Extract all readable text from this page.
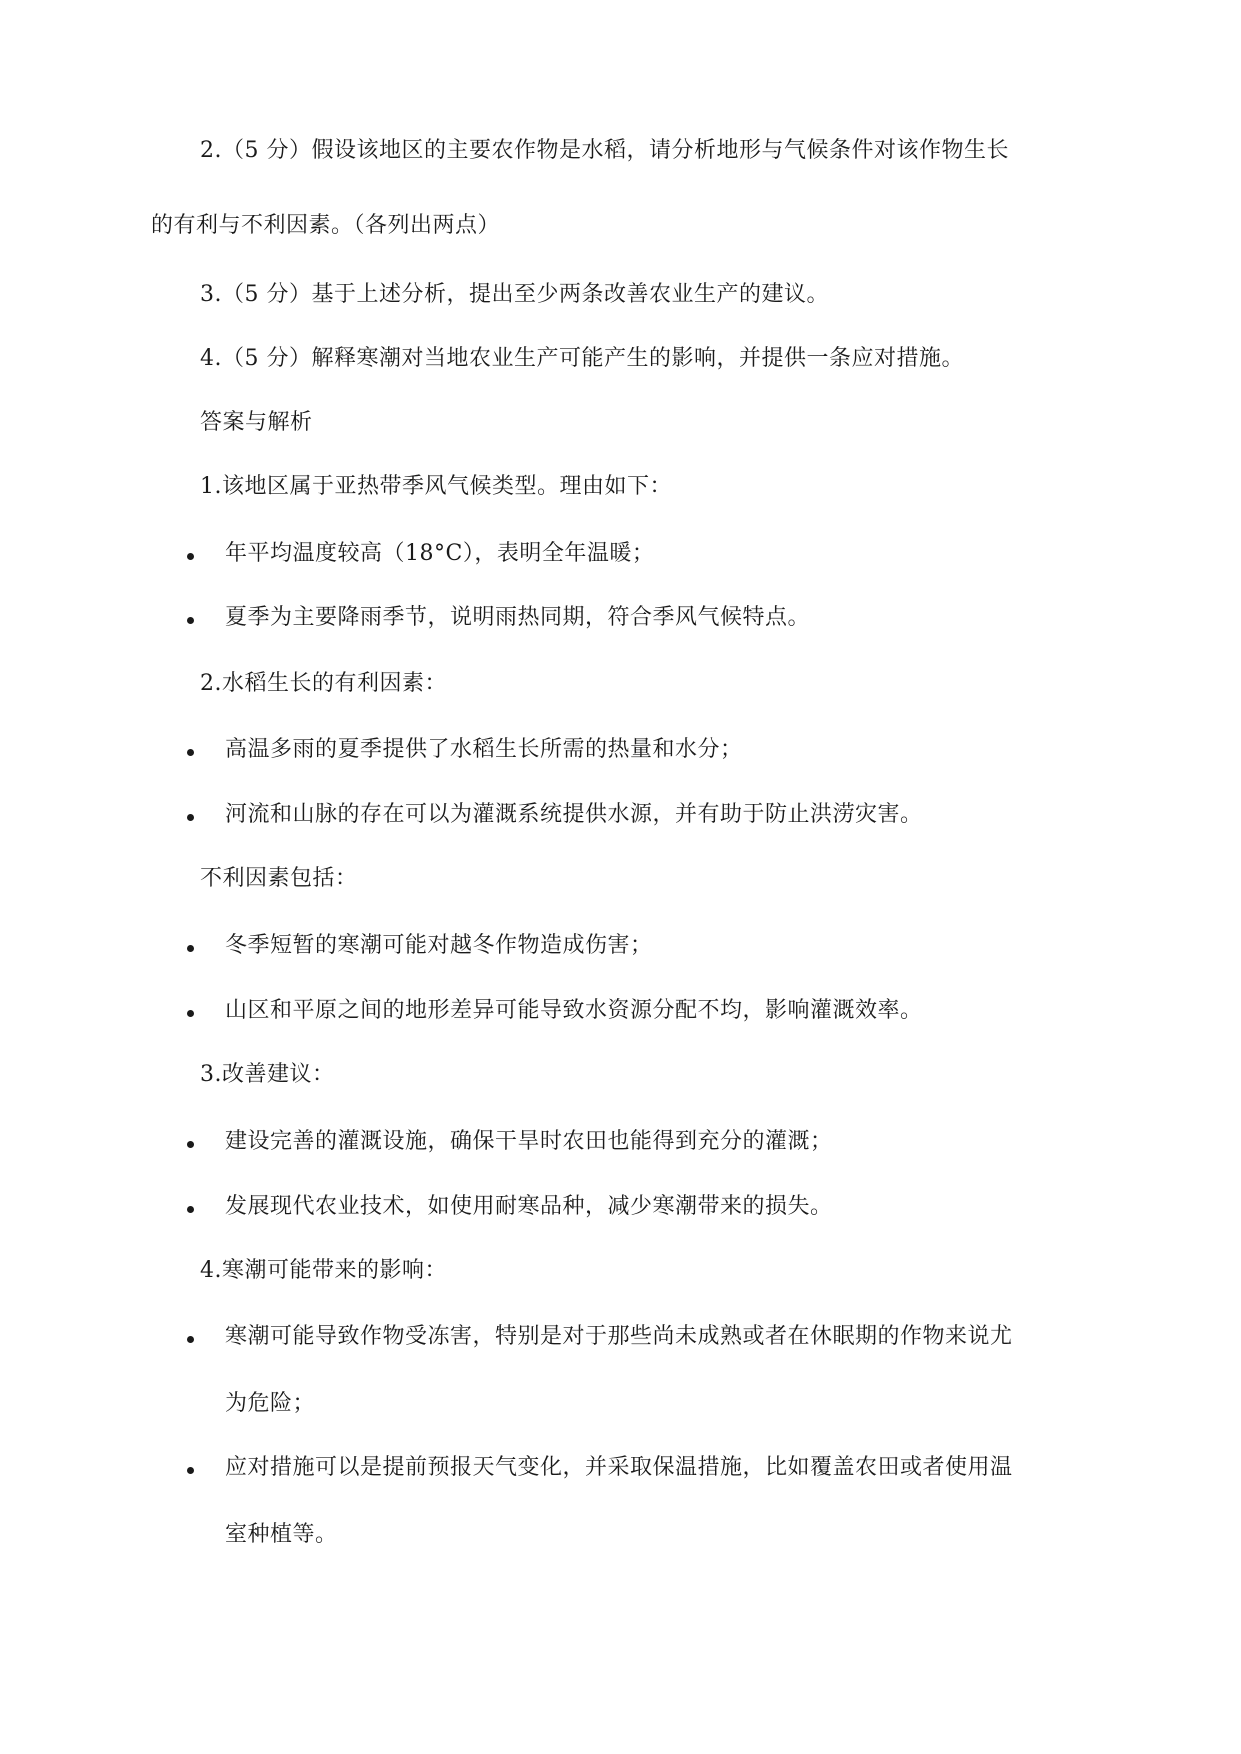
2.（5 分）假设该地区的主要农作物是水稻，请分析地形与气候条件对该作物生长
的有利与不利因素。（各列出两点）
3.（5 分）基于上述分析，提出至少两条改善农业生产的建议。
4.（5 分）解释寒潮对当地农业生产可能产生的影响，并提供一条应对措施。
答案与解析
1.该地区属于亚热带季风气候类型。理由如下：
年平均温度较高（18°C），表明全年温暖；
夏季为主要降雨季节，说明雨热同期，符合季风气候特点。
2.水稻生长的有利因素：
高温多雨的夏季提供了水稻生长所需的热量和水分；
河流和山脉的存在可以为灌溉系统提供水源，并有助于防止洪涝灾害。
不利因素包括：
冬季短暂的寒潮可能对越冬作物造成伤害；
山区和平原之间的地形差异可能导致水资源分配不均，影响灌溉效率。
3.改善建议：
建设完善的灌溉设施，确保干旱时农田也能得到充分的灌溉；
发展现代农业技术，如使用耐寒品种，减少寒潮带来的损失。
4.寒潮可能带来的影响：
寒潮可能导致作物受冻害，特别是对于那些尚未成熟或者在休眠期的作物来说尤
为危险；
应对措施可以是提前预报天气变化，并采取保温措施，比如覆盖农田或者使用温
室种植等。
